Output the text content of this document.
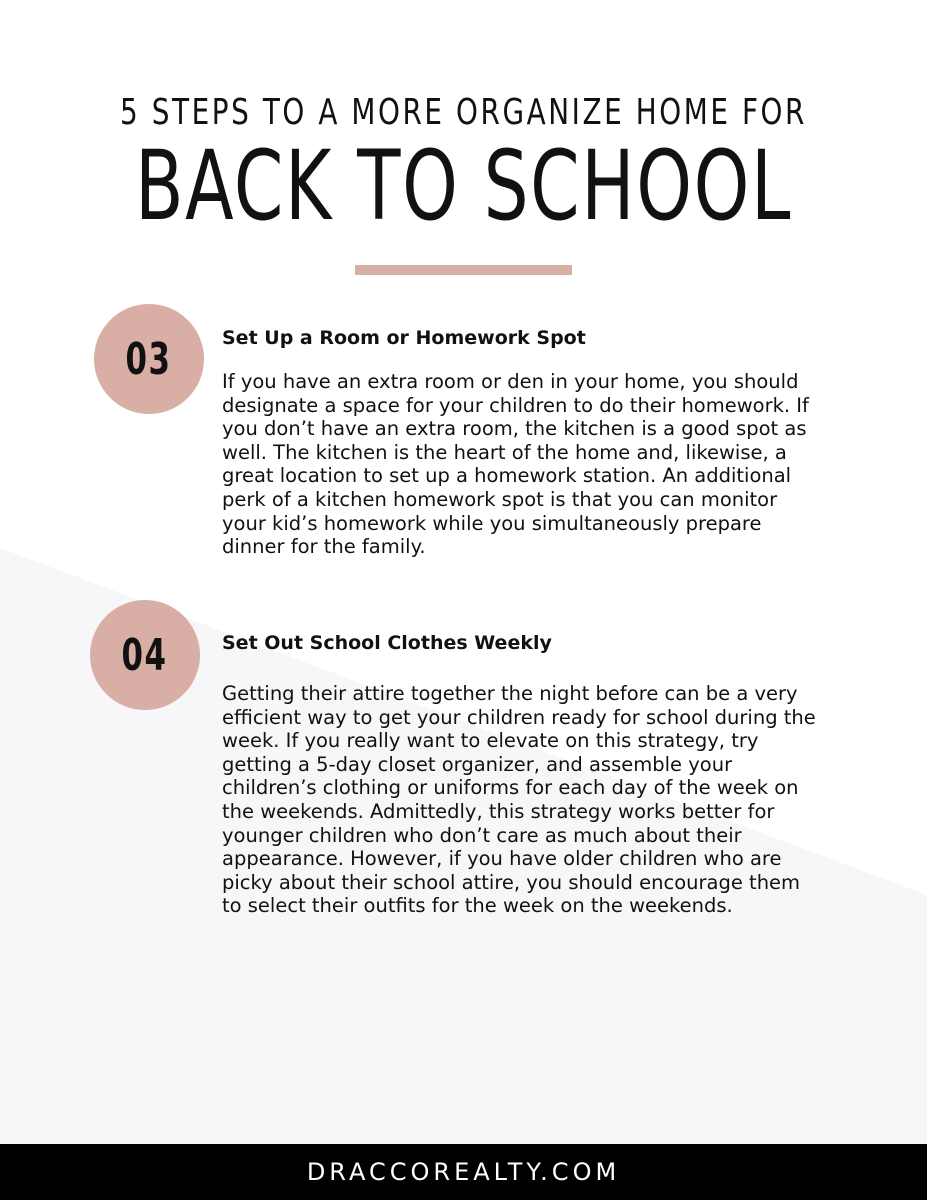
5 STEPS TO A MORE ORGANIZE HOME FOR
BACK TO SCHOOL
03	Set Up a Room or Homework Spot

If you have an extra room or den in your home, you should designate a space for your children to do their homework. If you don’t have an extra room, the kitchen is a good spot as well. The kitchen is the heart of the home and, likewise, a great location to set up a homework station. An additional perk of a kitchen homework spot is that you can monitor your kid’s homework while you simultaneously prepare dinner for the family.

04	Set Out School Clothes Weekly

Getting their attire together the night before can be a very efficient way to get your children ready for school during the week. If you really want to elevate on this strategy, try getting a 5-day closet organizer, and assemble your children’s clothing or uniforms for each day of the week on the weekends. Admittedly, this strategy works better for younger children who don’t care as much about their appearance. However, if you have older children who are picky about their school attire, you should encourage them to select their outfits for the week on the weekends.

DRACCOREALTY.COM
